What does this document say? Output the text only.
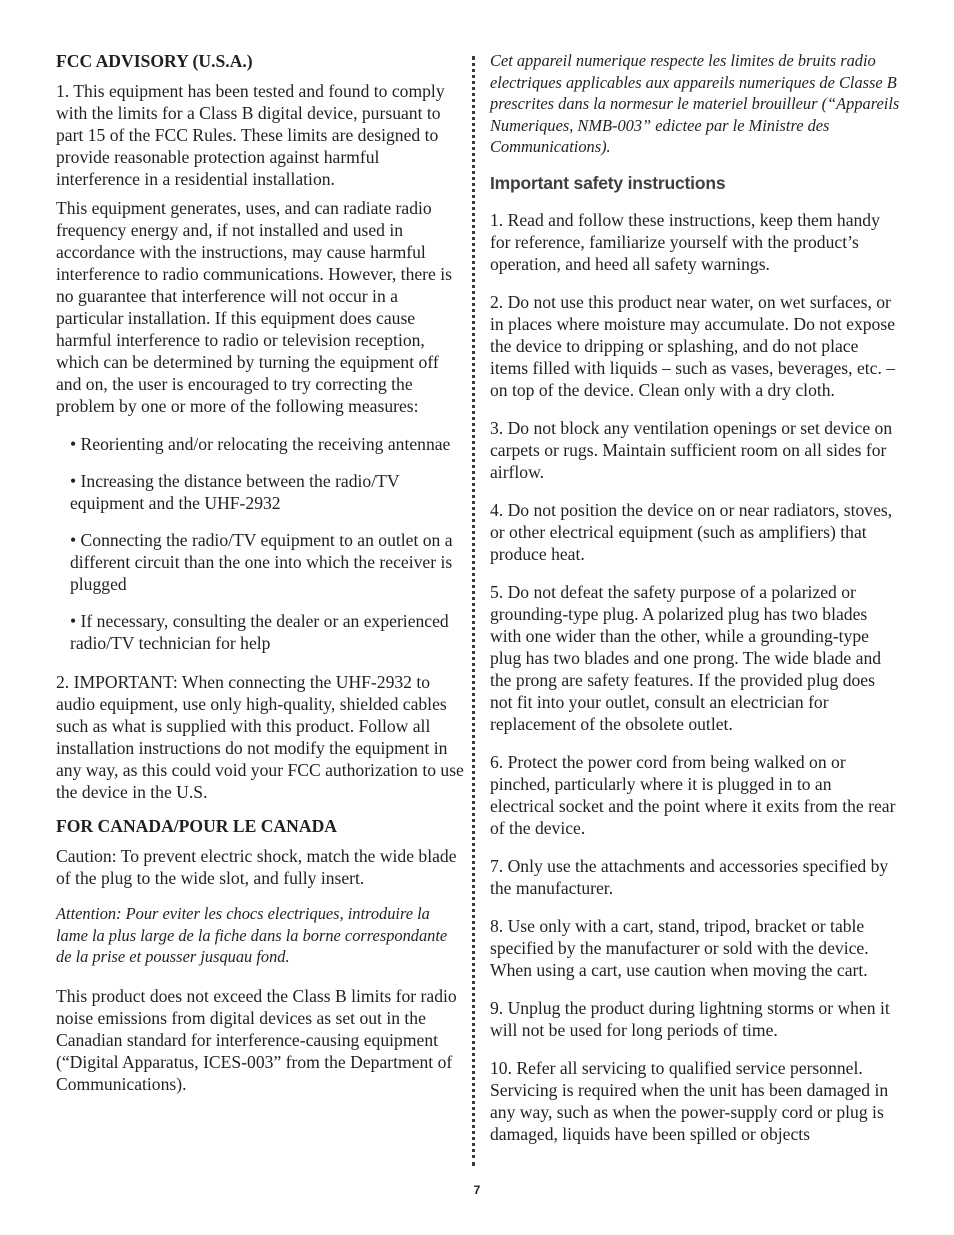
FCC ADVISORY (U.S.A.)

1. This equipment has been tested and found to comply with the limits for a Class B digital device, pursuant to part 15 of the FCC Rules. These limits are designed to provide reasonable protection against harmful interference in a residential installation.

This equipment generates, uses, and can radiate radio frequency energy and, if not installed and used in accordance with the instructions, may cause harmful interference to radio communications. However, there is no guarantee that interference will not occur in a particular installation. If this equipment does cause harmful interference to radio or television reception, which can be determined by turning the equipment off and on, the user is encouraged to try correcting the problem by one or more of the following measures:

• Reorienting and/or relocating the receiving antennae

• Increasing the distance between the radio/TV equipment and the UHF-2932

• Connecting the radio/TV equipment to an outlet on a different circuit than the one into which the receiver is plugged

• If necessary, consulting the dealer or an experienced radio/TV technician for help

2. IMPORTANT: When connecting the UHF-2932 to audio equipment, use only high-quality, shielded cables such as what is supplied with this product. Follow all installation instructions do not modify the equipment in any way, as this could void your FCC authorization to use the device in the U.S.

FOR CANADA/POUR LE CANADA

Caution: To prevent electric shock, match the wide blade of the plug to the wide slot, and fully insert.

Attention: Pour eviter les chocs electriques, introduire la lame la plus large de la fiche dans la borne correspondante de la prise et pousser jusquau fond.

This product does not exceed the Class B limits for radio noise emissions from digital devices as set out in the Canadian standard for interference-causing equipment (“Digital Apparatus, ICES-003” from the Department of Communications).

Cet appareil numerique respecte les limites de bruits radio electriques applicables aux appareils numeriques de Classe B prescrites dans la normesur le materiel brouilleur (“Appareils Numeriques, NMB-003” edictee par le Ministre des Communications).

Important safety instructions

1. Read and follow these instructions, keep them handy for reference, familiarize yourself with the product’s operation, and heed all safety warnings.

2. Do not use this product near water, on wet surfaces, or in places where moisture may accumulate. Do not expose the device to dripping or splashing, and do not place items filled with liquids – such as vases, beverages, etc. – on top of the device. Clean only with a dry cloth.

3. Do not block any ventilation openings or set device on carpets or rugs. Maintain sufficient room on all sides for airflow.

4. Do not position the device on or near radiators, stoves, or other electrical equipment (such as amplifiers) that produce heat.

5. Do not defeat the safety purpose of a polarized or grounding-type plug. A polarized plug has two blades with one wider than the other, while a grounding-type plug has two blades and one prong. The wide blade and the prong are safety features. If the provided plug does not fit into your outlet, consult an electrician for replacement of the obsolete outlet.

6. Protect the power cord from being walked on or pinched, particularly where it is plugged in to an electrical socket and the point where it exits from the rear of the device.

7. Only use the attachments and accessories specified by the manufacturer.

8. Use only with a cart, stand, tripod, bracket or table specified by the manufacturer or sold with the device. When using a cart, use caution when moving the cart.

9. Unplug the product during lightning storms or when it will not be used for long periods of time.

10. Refer all servicing to qualified service personnel. Servicing is required when the unit has been damaged in any way, such as when the power-supply cord or plug is damaged, liquids have been spilled or objects

7
